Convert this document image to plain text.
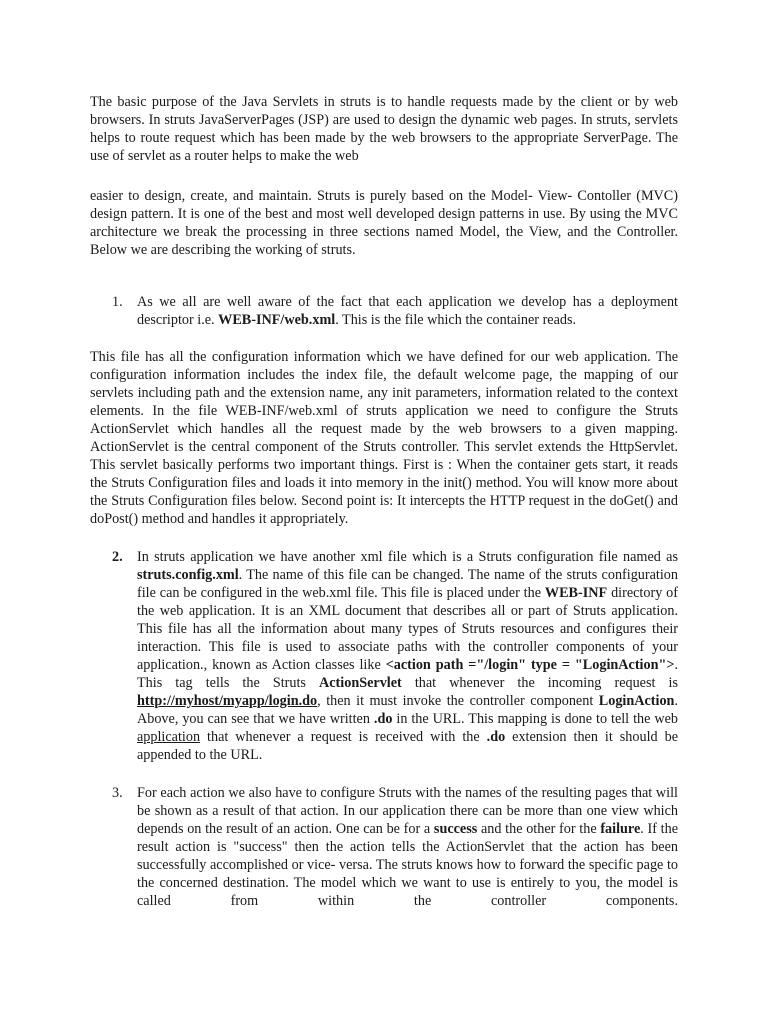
The basic purpose of the Java Servlets in struts is to handle requests made by the client or by web browsers. In struts JavaServerPages (JSP) are used to design the dynamic web pages. In struts, servlets helps to route request which has been made by the web browsers to the appropriate ServerPage. The use of servlet as a router helps to make the web

easier to design, create, and maintain. Struts is purely based on the Model- View- Contoller (MVC) design pattern. It is one of the best and most well developed design patterns in use. By using the MVC architecture we break the processing in three sections named Model, the View, and the Controller. Below we are describing the working of struts.

1. As we all are well aware of the fact that each application we develop has a deployment descriptor i.e. WEB-INF/web.xml. This is the file which the container reads.

This file has all the configuration information which we have defined for our web application. The configuration information includes the index file, the default welcome page, the mapping of our servlets including path and the extension name, any init parameters, information related to the context elements. In the file WEB-INF/web.xml of struts application we need to configure the Struts ActionServlet which handles all the request made by the web browsers to a given mapping. ActionServlet is the central component of the Struts controller. This servlet extends the HttpServlet. This servlet basically performs two important things. First is : When the container gets start, it reads the Struts Configuration files and loads it into memory in the init() method. You will know more about the Struts Configuration files below. Second point is: It intercepts the HTTP request in the doGet() and doPost() method and handles it appropriately.

2. In struts application we have another xml file which is a Struts configuration file named as struts.config.xml. The name of this file can be changed. The name of the struts configuration file can be configured in the web.xml file. This file is placed under the WEB-INF directory of the web application. It is an XML document that describes all or part of Struts application. This file has all the information about many types of Struts resources and configures their interaction. This file is used to associate paths with the controller components of your application., known as Action classes like <action path ="/login" type = "LoginAction">. This tag tells the Struts ActionServlet that whenever the incoming request is http://myhost/myapp/login.do, then it must invoke the controller component LoginAction. Above, you can see that we have written .do in the URL. This mapping is done to tell the web application that whenever a request is received with the .do extension then it should be appended to the URL.

3. For each action we also have to configure Struts with the names of the resulting pages that will be shown as a result of that action. In our application there can be more than one view which depends on the result of an action. One can be for a success and the other for the failure. If the result action is "success" then the action tells the ActionServlet that the action has been successfully accomplished or vice- versa. The struts knows how to forward the specific page to the concerned destination. The model which we want to use is entirely to you, the model is called from within the controller components.
